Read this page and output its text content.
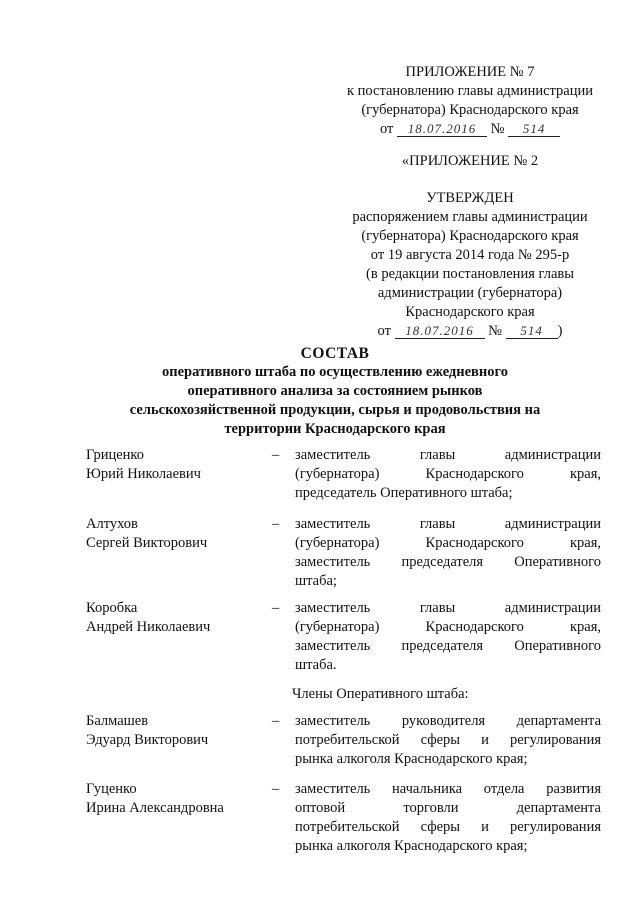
ПРИЛОЖЕНИЕ № 7
к постановлению главы администрации
(губернатора) Краснодарского края
от 18.07.2016 № 514
«ПРИЛОЖЕНИЕ № 2
УТВЕРЖДЕН
распоряжением главы администрации
(губернатора) Краснодарского края
от 19 августа 2014 года № 295-р
(в редакции постановления главы
администрации (губернатора)
Краснодарского края
от 18.07.2016 № 514 )
СОСТАВ
оперативного штаба по осуществлению ежедневного
оперативного анализа за состоянием рынков
сельскохозяйственной продукции, сырья и продовольствия на
территории Краснодарского края
Гриценко
Юрий Николаевич
– заместитель главы администрации
(губернатора) Краснодарского края,
председатель Оперативного штаба;
Алтухов
Сергей Викторович
– заместитель главы администрации
(губернатора) Краснодарского края,
заместитель председателя Оперативного
штаба;
Коробка
Андрей Николаевич
– заместитель главы администрации
(губернатора) Краснодарского края,
заместитель председателя Оперативного
штаба.
Члены Оперативного штаба:
Балмашев
Эдуард Викторович
– заместитель руководителя департамента
потребительской сферы и регулирования
рынка алкоголя Краснодарского края;
Гуценко
Ирина Александровна
– заместитель начальника отдела развития
оптовой торговли департамента
потребительской сферы и регулирования
рынка алкоголя Краснодарского края;
